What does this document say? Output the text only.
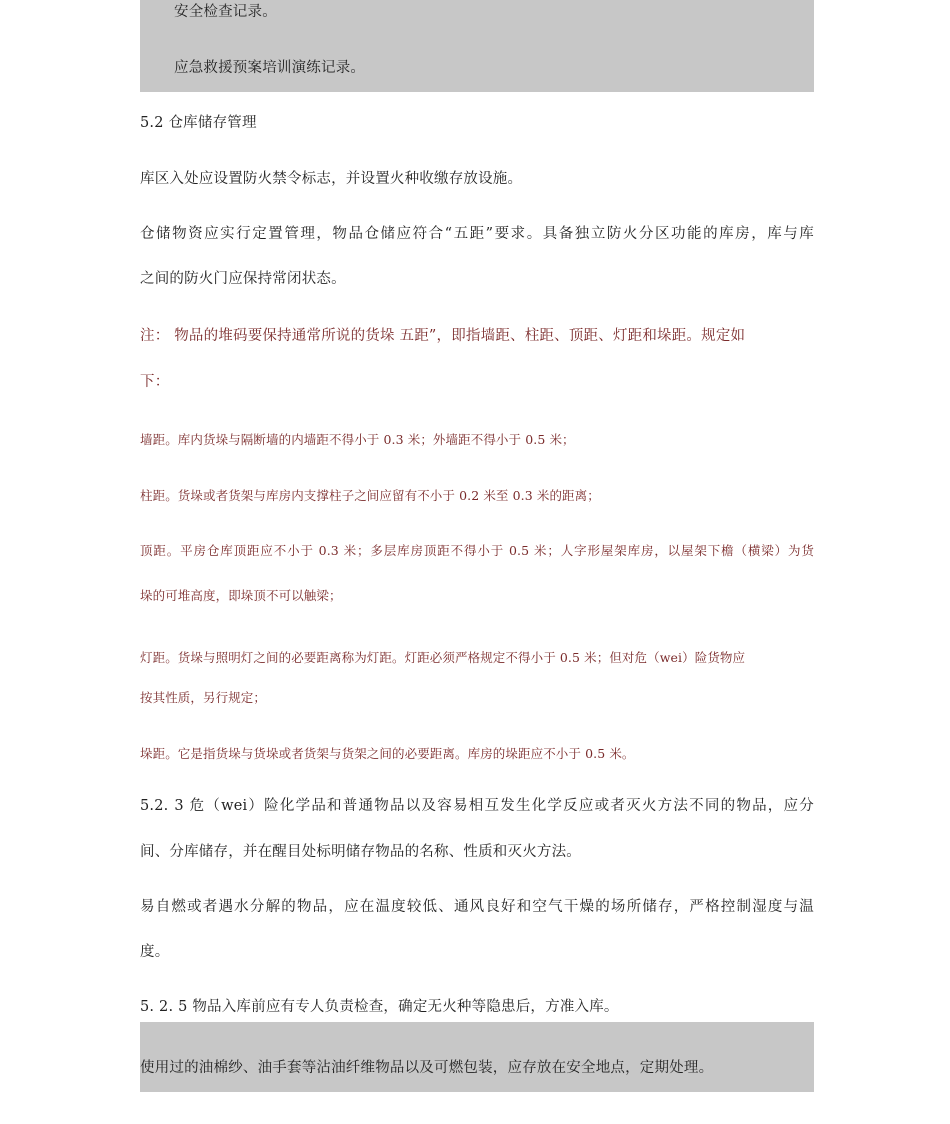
安全检查记录。
应急救援预案培训演练记录。
5.2 仓库储存管理
库区入处应设置防火禁令标志，并设置火种收缴存放设施。
仓储物资应实行定置管理，物品仓储应符合“五距”要求。具备独立防火分区功能的库房，库与库
之间的防火门应保持常闭状态。
注： 物品的堆码要保持通常所说的货垛 五距”，即指墙距、柱距、顶距、灯距和垛距。规定如
下：
墙距。库内货垛与隔断墙的内墙距不得小于 0.3 米；外墙距不得小于 0.5 米；
柱距。货垛或者货架与库房内支撑柱子之间应留有不小于 0.2 米至 0.3 米的距离；
顶距。平房仓库顶距应不小于 0.3 米；多层库房顶距不得小于 0.5 米；人字形屋架库房，以屋架下檐（横梁）为货
垛的可堆高度，即垛顶不可以触梁；
灯距。货垛与照明灯之间的必要距离称为灯距。灯距必须严格规定不得小于 0.5 米；但对危（wei）险货物应
按其性质，另行规定；
垛距。它是指货垛与货垛或者货架与货架之间的必要距离。库房的垛距应不小于 0.5 米。
5.2. 3 危（wei）险化学品和普通物品以及容易相互发生化学反应或者灭火方法不同的物品，应分
间、分库储存，并在醒目处标明储存物品的名称、性质和灭火方法。
易自燃或者遇水分解的物品，应在温度较低、通风良好和空气干燥的场所储存，严格控制湿度与温
度。
5. 2. 5 物品入库前应有专人负责检查，确定无火种等隐患后，方准入库。
使用过的油棉纱、油手套等沾油纤维物品以及可燃包装，应存放在安全地点，定期处理。
